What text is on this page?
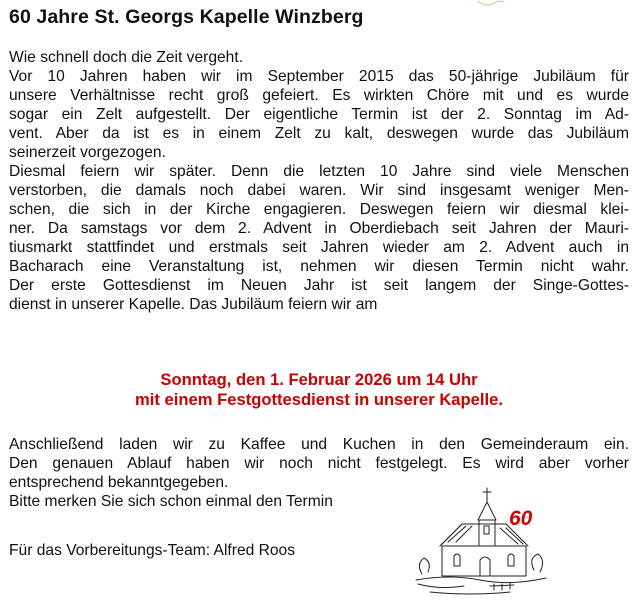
60 Jahre St. Georgs Kapelle Winzberg
Wie schnell doch die Zeit vergeht.
Vor 10 Jahren haben wir im September 2015 das 50-jährige Jubiläum für
unsere Verhältnisse recht groß gefeiert. Es wirkten Chöre mit und es wurde
sogar ein Zelt aufgestellt. Der eigentliche Termin ist der 2. Sonntag im Ad-
vent. Aber da ist es in einem Zelt zu kalt, deswegen wurde das Jubiläum
seinerzeit vorgezogen.
Diesmal feiern wir später. Denn die letzten 10 Jahre sind viele Menschen
verstorben, die damals noch dabei waren. Wir sind insgesamt weniger Men-
schen, die sich in der Kirche engagieren. Deswegen feiern wir diesmal klei-
ner. Da samstags vor dem 2. Advent in Oberdiebach seit Jahren der Mauri-
tiusmarkt stattfindet und erstmals seit Jahren wieder am 2. Advent auch in
Bacharach eine Veranstaltung ist, nehmen wir diesen Termin nicht wahr.
Der erste Gottesdienst im Neuen Jahr ist seit langem der Singe-Gottes-
dienst in unserer Kapelle. Das Jubiläum feiern wir am
Sonntag, den 1. Februar 2026 um 14 Uhr
mit einem Festgottesdienst in unserer Kapelle.
Anschließend laden wir zu Kaffee und Kuchen in den Gemeinderaum ein.
Den genauen Ablauf haben wir noch nicht festgelegt. Es wird aber vorher
entsprechend bekanntgegeben.
Bitte merken Sie sich schon einmal den Termin
Für das Vorbereitungs-Team: Alfred Roos
60
